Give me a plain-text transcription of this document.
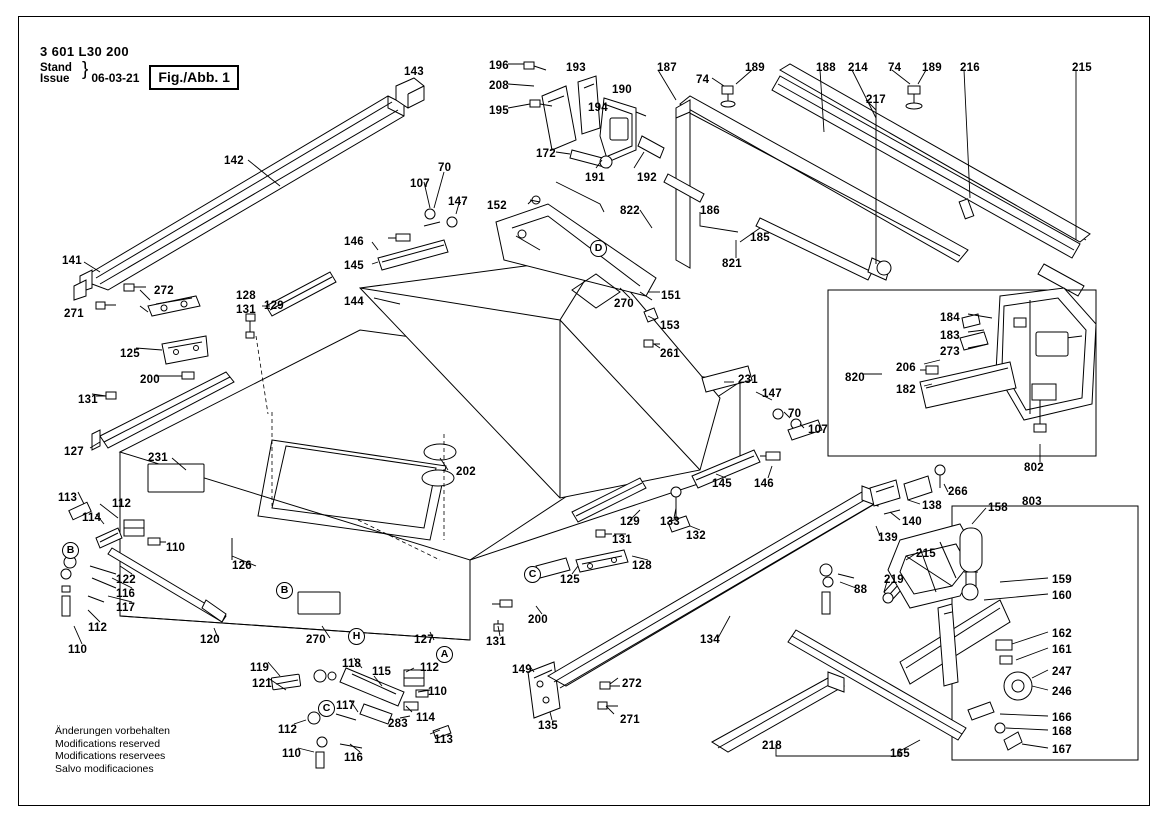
3 601 L30 200
Stand
Issue } 06-03-21	Fig./Abb. 1
Änderungen vorbehalten
Modifications reserved
Modifications reservees
Salvo modificaciones
143	196	193	187	189	188 214 74 189 216	215
208	190
74
217
195	194
142
172
191	192
70
107
147 152	822	186
185
821
141
146
145
151
272	128
131 129	144	270
153
271	184
183
273
125	261
206
820
200	231
182
131	147
70
107
127	231
202	802
145 146
266
803
113	112	138
114	140
158
129 133
110
131	132	139
215
122
126	128
159
116
219
88
117
125
160
112
200
162
120	270
161
110
127	134
131
247
119	118
115	112	149
246
121
110
272
117
114	166
112	283	135	271
168
113
110	116
218
165	167
D
B
B
C
H
A
C
